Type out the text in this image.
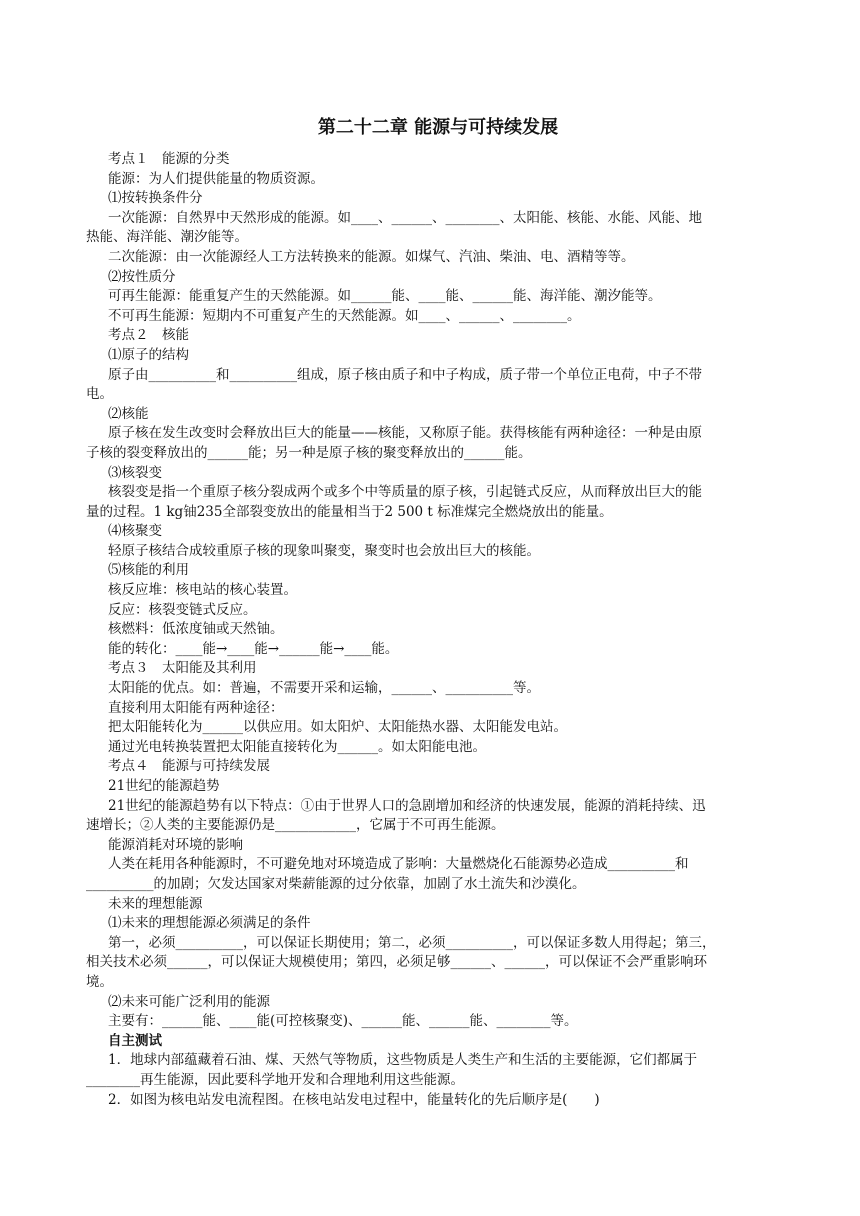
第二十二章 能源与可持续发展

考点１　能源的分类

能源：为人们提供能量的物质资源。

⑴按转换条件分

一次能源：自然界中天然形成的能源。如____、______、________、太阳能、核能、水能、风能、地

热能、海洋能、潮汐能等。

二次能源：由一次能源经人工方法转换来的能源。如煤气、汽油、柴油、电、酒精等等。

⑵按性质分

可再生能源：能重复产生的天然能源。如______能、____能、______能、海洋能、潮汐能等。

不可再生能源：短期内不可重复产生的天然能源。如____、______、________。

考点２　核能

⑴原子的结构

原子由__________和__________组成，原子核由质子和中子构成，质子带一个单位正电荷，中子不带

电。

⑵核能

原子核在发生改变时会释放出巨大的能量——核能，又称原子能。获得核能有两种途径：一种是由原

子核的裂变释放出的______能；另一种是原子核的聚变释放出的______能。

⑶核裂变

核裂变是指一个重原子核分裂成两个或多个中等质量的原子核，引起链式反应，从而释放出巨大的能

量的过程。1 kg铀235全部裂变放出的能量相当于2 500 t 标准煤完全燃烧放出的能量。

⑷核聚变

轻原子核结合成较重原子核的现象叫聚变，聚变时也会放出巨大的核能。

⑸核能的利用

核反应堆：核电站的核心装置。

反应：核裂变链式反应。

核燃料：低浓度铀或天然铀。

能的转化：____能→____能→______能→____能。

考点３　太阳能及其利用

太阳能的优点。如：普遍，不需要开采和运输，______、__________等。

直接利用太阳能有两种途径：

把太阳能转化为______以供应用。如太阳炉、太阳能热水器、太阳能发电站。

通过光电转换装置把太阳能直接转化为______。如太阳能电池。

考点４　能源与可持续发展

21世纪的能源趋势

21世纪的能源趋势有以下特点：①由于世界人口的急剧增加和经济的快速发展，能源的消耗持续、迅

速增长；②人类的主要能源仍是____________，它属于不可再生能源。

能源消耗对环境的影响

人类在耗用各种能源时，不可避免地对环境造成了影响：大量燃烧化石能源势必造成__________和

__________的加剧；欠发达国家对柴薪能源的过分依靠，加剧了水土流失和沙漠化。

未来的理想能源

⑴未来的理想能源必须满足的条件

第一，必须__________，可以保证长期使用；第二，必须__________，可以保证多数人用得起；第三，

相关技术必须______，可以保证大规模使用；第四，必须足够______、______，可以保证不会严重影响环

境。

⑵未来可能广泛利用的能源

主要有：______能、____能(可控核聚变)、______能、______能、________等。

自主测试

1．地球内部蕴藏着石油、煤、天然气等物质，这些物质是人类生产和生活的主要能源，它们都属于

________再生能源，因此要科学地开发和合理地利用这些能源。

2．如图为核电站发电流程图。在核电站发电过程中，能量转化的先后顺序是(　　)
